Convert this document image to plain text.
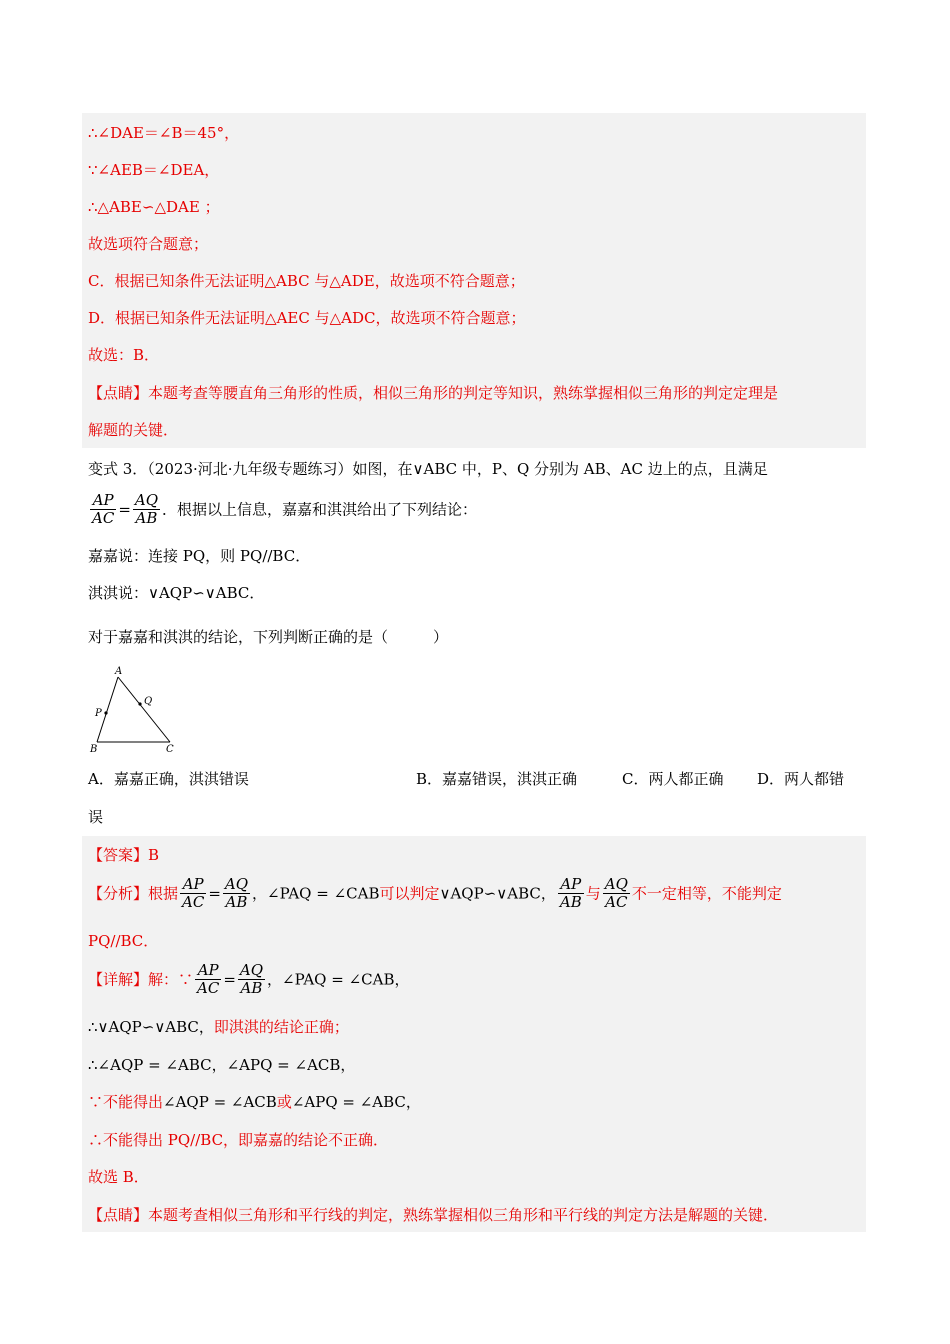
∴∠DAE＝∠B＝45°，
∵∠AEB＝∠DEA，
∴△ABE∽△DAE ；
故选项符合题意；
C．根据已知条件无法证明△ABC 与△ADE，故选项不符合题意；
D．根据已知条件无法证明△AEC 与△ADC，故选项不符合题意；
故选：B．
【点睛】本题考查等腰直角三角形的性质，相似三角形的判定等知识，熟练掌握相似三角形的判定定理是
解题的关键．
变式 3．（2023·河北·九年级专题练习）如图，在∨ABC 中，P、Q 分别为 AB、AC 边上的点，且满足
$\frac{AP}{AC} = \frac{AQ}{AB}$ ．根据以上信息，嘉嘉和淇淇给出了下列结论：
嘉嘉说：连接 PQ，则 PQ//BC．
淇淇说：∨AQP∽∨ABC．
对于嘉嘉和淇淇的结论，下列判断正确的是（　　　）
A
B	C
P
Q
A．嘉嘉正确，淇淇错误	B．嘉嘉错误，淇淇正确	C．两人都正确 D．两人都错
误
【答案】B
【分析】根据 $\frac{AP}{AC} = \frac{AQ}{AB}$ ，∠PAQ = ∠CAB可以判定∨AQP∽∨ABC， $\frac{AP}{AB}$ 与 $\frac{AQ}{AC}$ 不一定相等，不能判定
PQ//BC．
【详解】解：∵ $\frac{AP}{AC} = \frac{AQ}{AB}$ ，∠PAQ = ∠CAB，
∴∨AQP∽∨ABC，即淇淇的结论正确；
∴∠AQP = ∠ABC，∠APQ = ∠ACB，
∵不能得出∠AQP = ∠ACB或∠APQ = ∠ABC，
∴不能得出 PQ//BC，即嘉嘉的结论不正确．
故选 B．
【点睛】本题考查相似三角形和平行线的判定，熟练掌握相似三角形和平行线的判定方法是解题的关键．
